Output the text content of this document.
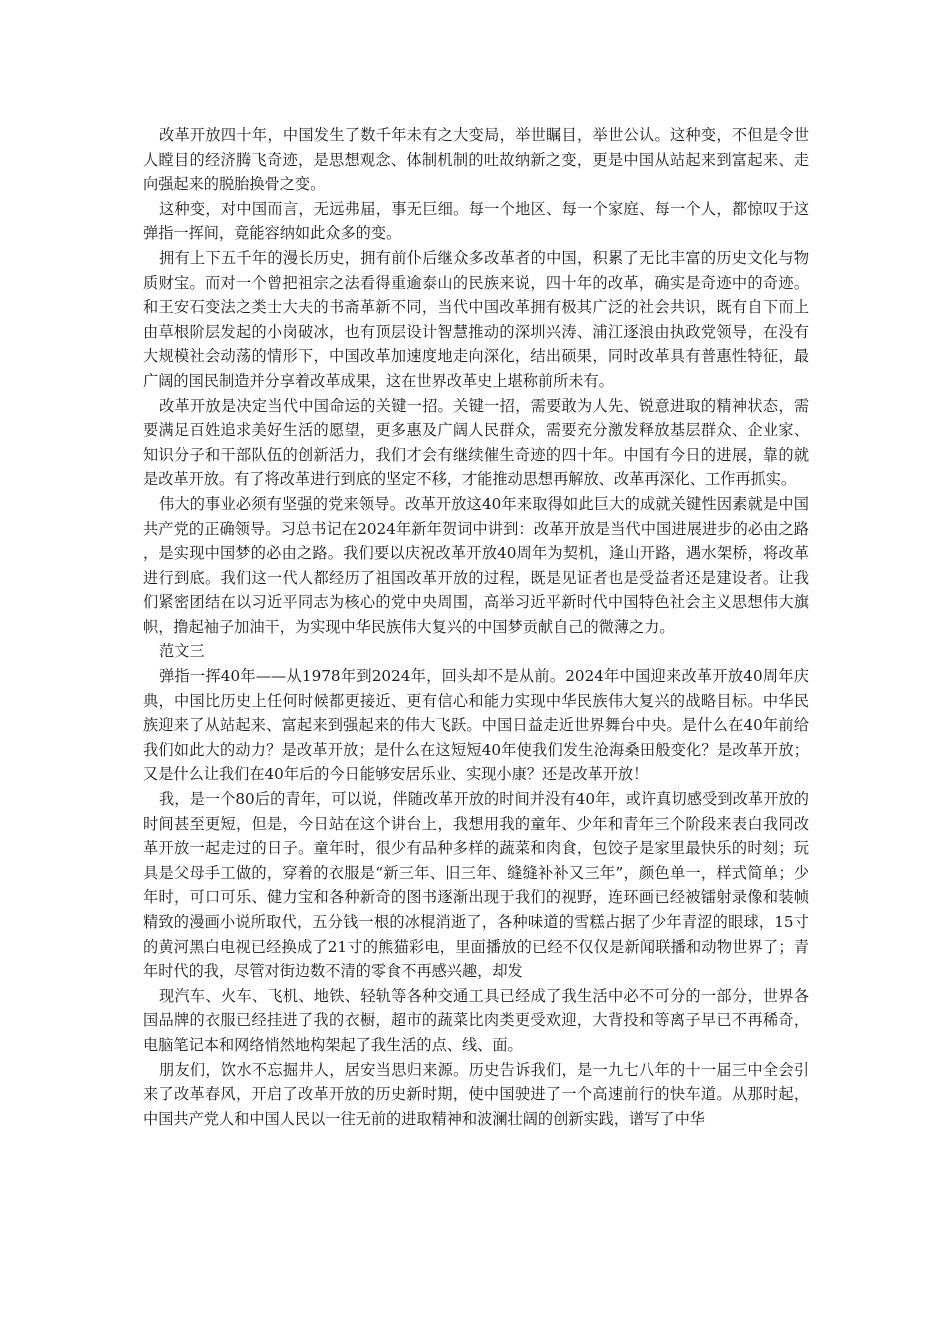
改革开放四十年，中国发生了数千年未有之大变局，举世瞩目，举世公认。这种变，不但是令世人瞠目的经济腾飞奇迹，是思想观念、体制机制的吐故纳新之变，更是中国从站起来到富起来、走向强起来的脱胎换骨之变。

这种变，对中国而言，无远弗届，事无巨细。每一个地区、每一个家庭、每一个人，都惊叹于这弹指一挥间，竟能容纳如此众多的变。

拥有上下五千年的漫长历史，拥有前仆后继众多改革者的中国，积累了无比丰富的历史文化与物质财宝。而对一个曾把祖宗之法看得重逾泰山的民族来说，四十年的改革，确实是奇迹中的奇迹。和王安石变法之类士大夫的书斋革新不同，当代中国改革拥有极其广泛的社会共识，既有自下而上由草根阶层发起的小岗破冰，也有顶层设计智慧推动的深圳兴涛、浦江逐浪由执政党领导，在没有大规模社会动荡的情形下，中国改革加速度地走向深化，结出硕果，同时改革具有普惠性特征，最广阔的国民制造并分享着改革成果，这在世界改革史上堪称前所未有。

改革开放是决定当代中国命运的关键一招。关键一招，需要敢为人先、锐意进取的精神状态，需要满足百姓追求美好生活的愿望，更多惠及广阔人民群众，需要充分激发释放基层群众、企业家、知识分子和干部队伍的创新活力，我们才会有继续催生奇迹的四十年。中国有今日的进展，靠的就是改革开放。有了将改革进行到底的坚定不移，才能推动思想再解放、改革再深化、工作再抓实。

伟大的事业必须有坚强的党来领导。改革开放这40年来取得如此巨大的成就关键性因素就是中国共产党的正确领导。习总书记在2024年新年贺词中讲到：改革开放是当代中国进展进步的必由之路，是实现中国梦的必由之路。我们要以庆祝改革开放40周年为契机，逢山开路，遇水架桥，将改革进行到底。我们这一代人都经历了祖国改革开放的过程，既是见证者也是受益者还是建设者。让我们紧密团结在以习近平同志为核心的党中央周围，高举习近平新时代中国特色社会主义思想伟大旗帜，撸起袖子加油干，为实现中华民族伟大复兴的中国梦贡献自己的微薄之力。

范文三

弹指一挥40年——从1978年到2024年，回头却不是从前。2024年中国迎来改革开放40周年庆典，中国比历史上任何时候都更接近、更有信心和能力实现中华民族伟大复兴的战略目标。中华民族迎来了从站起来、富起来到强起来的伟大飞跃。中国日益走近世界舞台中央。是什么在40年前给我们如此大的动力？是改革开放；是什么在这短短40年使我们发生沧海桑田般变化？是改革开放；又是什么让我们在40年后的今日能够安居乐业、实现小康？还是改革开放！

我，是一个80后的青年，可以说，伴随改革开放的时间并没有40年，或许真切感受到改革开放的时间甚至更短，但是，今日站在这个讲台上，我想用我的童年、少年和青年三个阶段来表白我同改革开放一起走过的日子。童年时，很少有品种多样的蔬菜和肉食，包饺子是家里最快乐的时刻；玩具是父母手工做的，穿着的衣服是“新三年、旧三年、缝缝补补又三年”，颜色单一，样式简单；少年时，可口可乐、健力宝和各种新奇的图书逐渐出现于我们的视野，连环画已经被镭射录像和装帧精致的漫画小说所取代，五分钱一根的冰棍消逝了，各种味道的雪糕占据了少年青涩的眼球，15寸的黄河黑白电视已经换成了21寸的熊猫彩电，里面播放的已经不仅仅是新闻联播和动物世界了；青年时代的我，尽管对街边数不清的零食不再感兴趣，却发

现汽车、火车、飞机、地铁、轻轨等各种交通工具已经成了我生活中必不可分的一部分，世界各国品牌的衣服已经挂进了我的衣橱，超市的蔬菜比肉类更受欢迎，大背投和等离子早已不再稀奇，电脑笔记本和网络悄然地构架起了我生活的点、线、面。

朋友们，饮水不忘掘井人，居安当思归来源。历史告诉我们，是一九七八年的十一届三中全会引来了改革春风，开启了改革开放的历史新时期，使中国驶进了一个高速前行的快车道。从那时起，中国共产党人和中国人民以一往无前的进取精神和波澜壮阔的创新实践，谱写了中华
